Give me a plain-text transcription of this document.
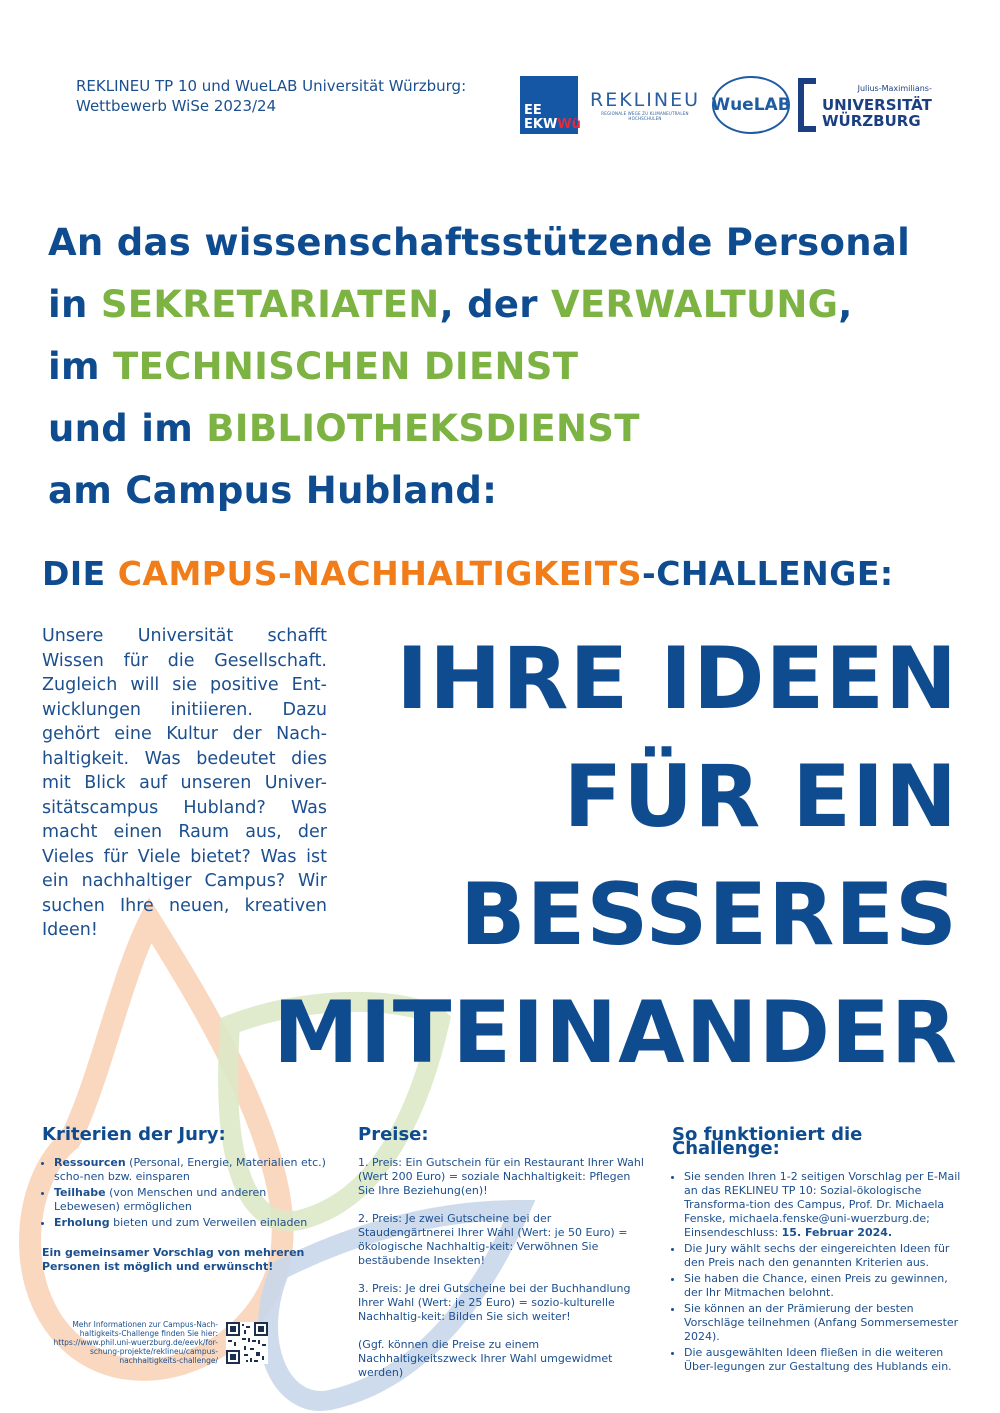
REKLINEU TP 10 und WueLAB Universität Würzburg:
Wettbewerb WiSe 2023/24	EE
EKWWü
REKLINEU
REGIONALE WEGE ZU KLIMANEUTRALEN HOCHSCHULEN
WueLAB
Julius-Maximilians-
UNIVERSITÄT
WÜRZBURG
An das wissenschaftsstützende Personal
in SEKRETARIATEN, der VERWALTUNG,
im TECHNISCHEN DIENST
und im BIBLIOTHEKSDIENST
am Campus Hubland:
DIE CAMPUS-NACHHALTIGKEITS-CHALLENGE:
Unsere Universität schafft Wissen für die Gesellschaft. Zugleich will sie positive Ent-wicklungen initiieren. Dazu gehört eine Kultur der Nach-haltigkeit. Was bedeutet dies mit Blick auf unseren Univer-sitätscampus Hubland? Was macht einen Raum aus, der Vieles für Viele bietet? Was ist ein nachhaltiger Campus? Wir suchen Ihre neuen, kreativen Ideen!
IHRE IDEEN
FÜR EIN
BESSERES
MITEINANDER
Kriterien der Jury:
• Ressourcen (Personal, Energie, Materialien etc.) scho-nen bzw. einsparen
• Teilhabe (von Menschen und anderen Lebewesen) ermöglichen
• Erholung bieten und zum Verweilen einladen

Ein gemeinsamer Vorschlag von mehreren Personen ist möglich und erwünscht!

Preise:

1. Preis: Ein Gutschein für ein Restaurant Ihrer Wahl (Wert 200 Euro) = soziale Nachhaltigkeit: Pflegen Sie Ihre Beziehung(en)!

2. Preis: Je zwei Gutscheine bei der Staudengärtnerei Ihrer Wahl (Wert: je 50 Euro) = ökologische Nachhaltig-keit: Verwöhnen Sie bestäubende Insekten!

3. Preis: Je drei Gutscheine bei der Buchhandlung Ihrer Wahl (Wert: je 25 Euro) = sozio-kulturelle Nachhaltig-keit: Bilden Sie sich weiter!

(Ggf. können die Preise zu einem Nachhaltigkeitszweck Ihrer Wahl umgewidmet werden)

So funktioniert die Challenge:
• Sie senden Ihren 1-2 seitigen Vorschlag per E-Mail an das REKLINEU TP 10: Sozial-ökologische Transforma-tion des Campus, Prof. Dr. Michaela Fenske, michaela.fenske@uni-wuerzburg.de; Einsendeschluss: 15. Februar 2024.
• Die Jury wählt sechs der eingereichten Ideen für den Preis nach den genannten Kriterien aus.
• Sie haben die Chance, einen Preis zu gewinnen, der Ihr Mitmachen belohnt.
• Sie können an der Prämierung der besten Vorschläge teilnehmen (Anfang Sommersemester 2024).
• Die ausgewählten Ideen fließen in die weiteren Über-legungen zur Gestaltung des Hublands ein.
Mehr Informationen zur Campus-Nach-haltigkeits-Challenge finden Sie hier: https://www.phil.uni-wuerzburg.de/eevk/for-schung-projekte/reklineu/campus-nachhaltigkeits-challenge/
